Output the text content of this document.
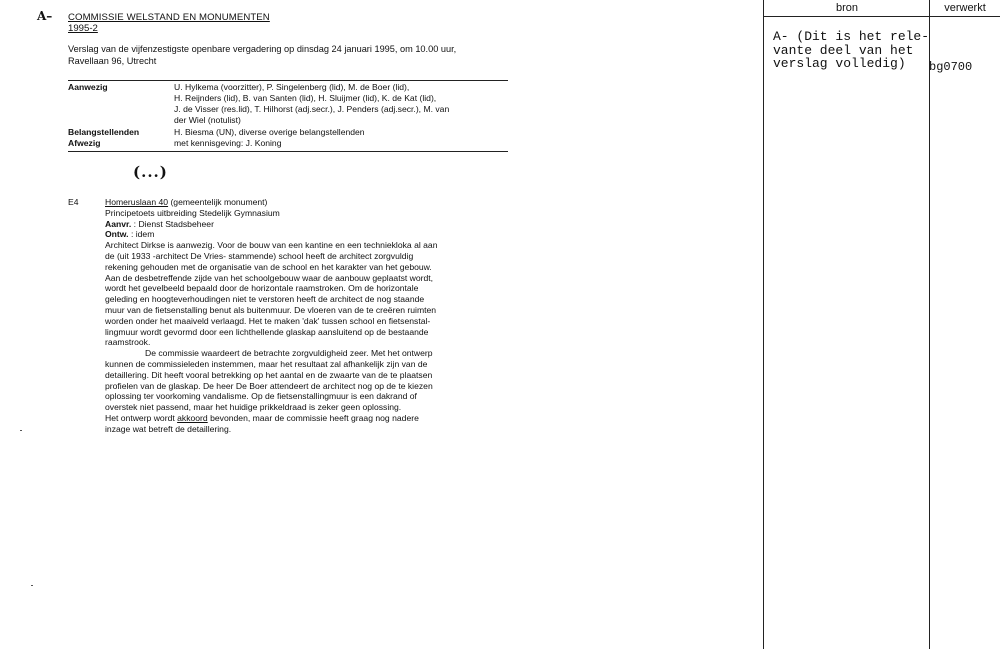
A– COMMISSIE WELSTAND EN MONUMENTEN
1995-2
Verslag van de vijfenzestigste openbare vergadering op dinsdag 24 januari 1995, om 10.00 uur,
Ravellaan 96, Utrecht
Aanwezig	U. Hylkema (voorzitter), P. Singelenberg (lid), M. de Boer (lid),
H. Reijnders (lid), B. van Santen (lid), H. Sluijmer (lid), K. de Kat (lid),
J. de Visser (res.lid), T. Hilhorst (adj.secr.), J. Penders (adj.secr.), M. van
der Wiel (notulist)
Belangstellenden	H. Biesma (UN), diverse overige belangstellenden
Afwezig	met kennisgeving: J. Koning
(...)
E4	Homeruslaan 40 (gemeentelijk monument)
Principetoets uitbreiding Stedelijk Gymnasium
Aanvr. : Dienst Stadsbeheer
Ontw. : idem
Architect Dirkse is aanwezig. Voor de bouw van een kantine en een techniekloka al aan
de (uit 1933 -architect De Vries- stammende) school heeft de architect zorgvuldig
rekening gehouden met de organisatie van de school en het karakter van het gebouw.
Aan de desbetreffende zijde van het schoolgebouw waar de aanbouw geplaatst wordt,
wordt het gevelbeeld bepaald door de horizontale raamstroken. Om de horizontale
geleding en hoogteverhoudingen niet te verstoren heeft de architect de nog staande
muur van de fietsenstalling benut als buitenmuur. De vloeren van de te creëren ruimten
worden onder het maaiveld verlaagd. Het te maken 'dak' tussen school en fietsenstal-
lingmuur wordt gevormd door een lichthellende glaskap aansluitend op de bestaande
raamstrook.
De commissie waardeert de betrachte zorgvuldigheid zeer. Met het ontwerp
kunnen de commissieleden instemmen, maar het resultaat zal afhankelijk zijn van de
detaillering. Dit heeft vooral betrekking op het aantal en de zwaarte van de te plaatsen
profielen van de glaskap. De heer De Boer attendeert de architect nog op de te kiezen
oplossing ter voorkoming vandalisme. Op de fietsenstallingmuur is een dakrand of
overstek niet passend, maar het huidige prikkeldraad is zeker geen oplossing.
Het ontwerp wordt akkoord bevonden, maar de commissie heeft graag nog nadere
inzage wat betreft de detaillering.
bron	verwerkt
A- (Dit is het rele-
vante deel van het
verslag volledig)	bg0700
